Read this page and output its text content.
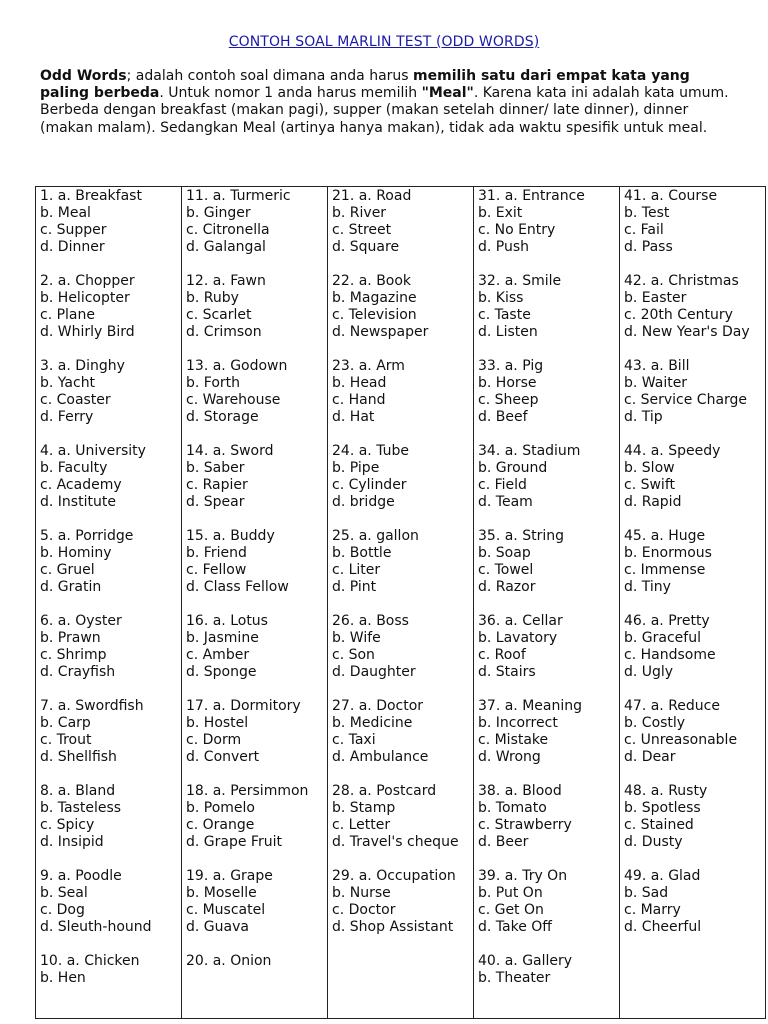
CONTOH SOAL MARLIN TEST (ODD WORDS)
Odd Words; adalah contoh soal dimana anda harus memilih satu dari empat kata yang paling berbeda. Untuk nomor 1 anda harus memilih "Meal". Karena kata ini adalah kata umum. Berbeda dengan breakfast (makan pagi), supper (makan setelah dinner/ late dinner), dinner (makan malam). Sedangkan Meal (artinya hanya makan), tidak ada waktu spesifik untuk meal.
1. a. Breakfast
b. Meal
c. Supper
d. Dinner
2. a. Chopper
b. Helicopter
c. Plane
d. Whirly Bird
3. a. Dinghy
b. Yacht
c. Coaster
d. Ferry
4. a. University
b. Faculty
c. Academy
d. Institute
5. a. Porridge
b. Hominy
c. Gruel
d. Gratin
6. a. Oyster
b. Prawn
c. Shrimp
d. Crayfish
7. a. Swordfish
b. Carp
c. Trout
d. Shellfish
8. a. Bland
b. Tasteless
c. Spicy
d. Insipid
9. a. Poodle
b. Seal
c. Dog
d. Sleuth-hound
10. a. Chicken
b. Hen

11. a. Turmeric
b. Ginger
c. Citronella
d. Galangal
12. a. Fawn
b. Ruby
c. Scarlet
d. Crimson
13. a. Godown
b. Forth
c. Warehouse
d. Storage
14. a. Sword
b. Saber
c. Rapier
d. Spear
15. a. Buddy
b. Friend
c. Fellow
d. Class Fellow
16. a. Lotus
b. Jasmine
c. Amber
d. Sponge
17. a. Dormitory
b. Hostel
c. Dorm
d. Convert
18. a. Persimmon
b. Pomelo
c. Orange
d. Grape Fruit
19. a. Grape
b. Moselle
c. Muscatel
d. Guava
20. a. Onion

21. a. Road
b. River
c. Street
d. Square
22. a. Book
b. Magazine
c. Television
d. Newspaper
23. a. Arm
b. Head
c. Hand
d. Hat
24. a. Tube
b. Pipe
c. Cylinder
d. bridge
25. a. gallon
b. Bottle
c. Liter
d. Pint
26. a. Boss
b. Wife
c. Son
d. Daughter
27. a. Doctor
b. Medicine
c. Taxi
d. Ambulance
28. a. Postcard
b. Stamp
c. Letter
d. Travel's cheque
29. a. Occupation
b. Nurse
c. Doctor
d. Shop Assistant

31. a. Entrance
b. Exit
c. No Entry
d. Push
32. a. Smile
b. Kiss
c. Taste
d. Listen
33. a. Pig
b. Horse
c. Sheep
d. Beef
34. a. Stadium
b. Ground
c. Field
d. Team
35. a. String
b. Soap
c. Towel
d. Razor
36. a. Cellar
b. Lavatory
c. Roof
d. Stairs
37. a. Meaning
b. Incorrect
c. Mistake
d. Wrong
38. a. Blood
b. Tomato
c. Strawberry
d. Beer
39. a. Try On
b. Put On
c. Get On
d. Take Off
40. a. Gallery
b. Theater

41. a. Course
b. Test
c. Fail
d. Pass
42. a. Christmas
b. Easter
c. 20th Century
d. New Year's Day
43. a. Bill
b. Waiter
c. Service Charge
d. Tip
44. a. Speedy
b. Slow
c. Swift
d. Rapid
45. a. Huge
b. Enormous
c. Immense
d. Tiny
46. a. Pretty
b. Graceful
c. Handsome
d. Ugly
47. a. Reduce
b. Costly
c. Unreasonable
d. Dear
48. a. Rusty
b. Spotless
c. Stained
d. Dusty
49. a. Glad
b. Sad
c. Marry
d. Cheerful
